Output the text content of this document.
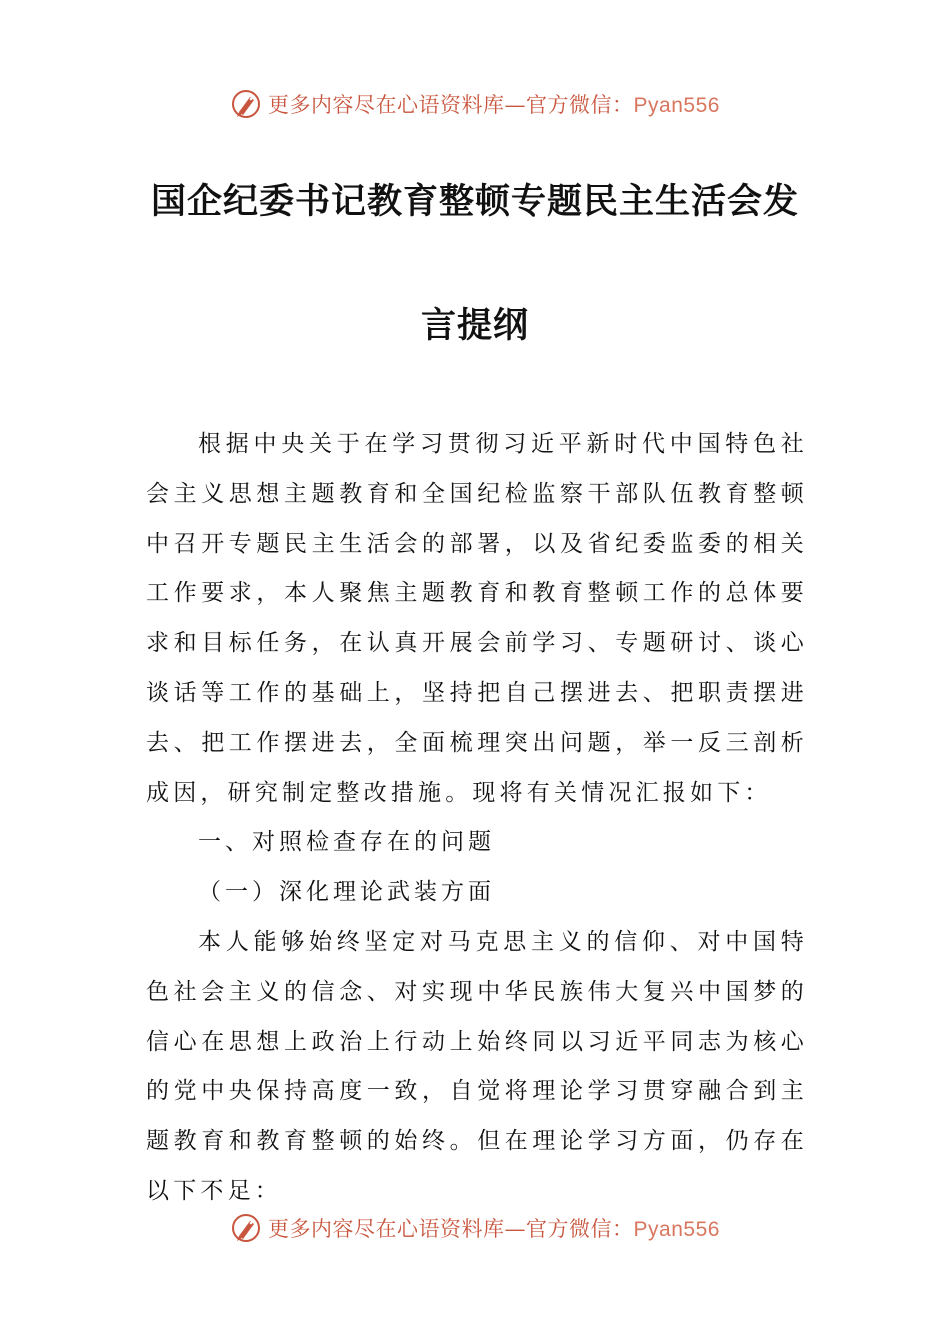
更多内容尽在心语资料库—官方微信：Pyan556
国企纪委书记教育整顿专题民主生活会发
言提纲

根据中央关于在学习贯彻习近平新时代中国特色社会主义思想主题教育和全国纪检监察干部队伍教育整顿中召开专题民主生活会的部署，以及省纪委监委的相关工作要求，本人聚焦主题教育和教育整顿工作的总体要求和目标任务，在认真开展会前学习、专题研讨、谈心谈话等工作的基础上，坚持把自己摆进去、把职责摆进去、把工作摆进去，全面梳理突出问题，举一反三剖析成因，研究制定整改措施。现将有关情况汇报如下：

一、对照检查存在的问题

（一）深化理论武装方面

本人能够始终坚定对马克思主义的信仰、对中国特色社会主义的信念、对实现中华民族伟大复兴中国梦的信心在思想上政治上行动上始终同以习近平同志为核心的党中央保持高度一致，自觉将理论学习贯穿融合到主题教育和教育整顿的始终。但在理论学习方面，仍存在以下不足：

更多内容尽在心语资料库—官方微信：Pyan556
